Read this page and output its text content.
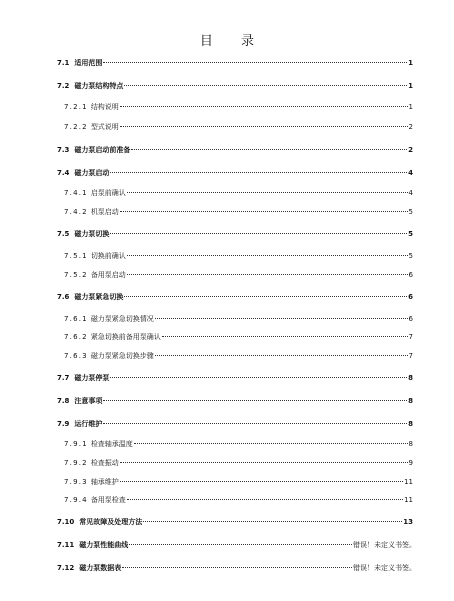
目 录
7.1 适用范围	1
7.2 磁力泵结构特点	1
7.2.1 结构说明	1
7.2.2 型式说明	2
7.3 磁力泵启动前准备	2
7.4 磁力泵启动	4
7.4.1 启泵前确认	4
7.4.2 机泵启动	5
7.5 磁力泵切换	5
7.5.1 切换前确认	5
7.5.2 备用泵启动	6
7.6 磁力泵紧急切换	6
7.6.1 磁力泵紧急切换情况	6
7.6.2 紧急切换前备用泵确认	7
7.6.3 磁力泵紧急切换步骤	7
7.7 磁力泵停泵	8
7.8 注意事项	8
7.9 运行维护	8
7.9.1 检查轴承温度	8
7.9.2 检查振动	9
7.9.3 轴承维护	11
7.9.4 备用泵检查	11
7.10 常见故障及处理方法	13
7.11 磁力泵性能曲线	错误！未定义书签。
7.12 磁力泵数据表	错误！未定义书签。
